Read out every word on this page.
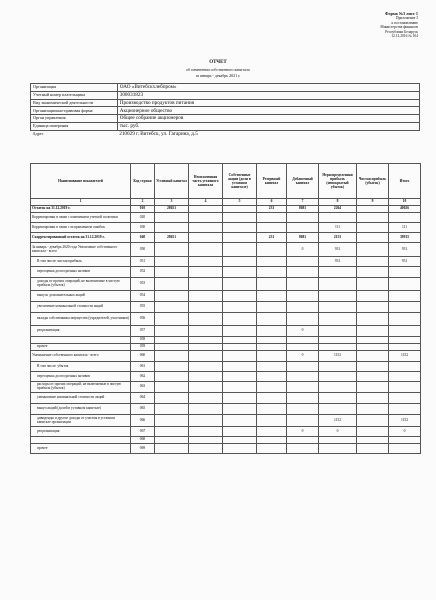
Форма №3 лист 1
Приложение 3
к постановлению
Министерства финансов
Республики Беларусь
12.12.2016 № 104
ОТЧЕТ
об изменении собственного капитала
за январь - декабрь 2021 г.
Организация	ОАО «Витебскхлебпром»
Учетный номер плательщика	300031823
Вид экономической деятельности	Производство продуктов питания
Организационно-правовая форма	Акционерное общество
Орган управления	Общее собрание акционеров
Единица измерения	тыс. руб.
Адрес	210029 г. Витебск, ул. Гагарина, д.5
Наименование показателей	Код строки	Уставный капитал	Неоплаченная часть уставного капитала	Собственные акции (доли в уставном капитале)	Резервный капитал	Добавочный капитал	Нераспределенная прибыль (непокрытый убыток)	Чистая прибыль (убыток)	Итого
1	2	3	4	5	6	7	8	9	10
Остаток на 31.12.2019 г.	010	28651			231	8681	2264		40026
Корректировки в связи с изменением учетной политики	020								
Корректировки в связи с исправлением ошибок	030						111		111
Скорректированный остаток на 31.12.2019 г.	040	28651			231	8681	2153		39915
За январь - декабрь 2020 года Увеличение собственного капитала - всего	050					0	931		931
В том числе: чистая прибыль	051						931		931
переоценка долгосрочных активов	052								
доходы от прочих операций, не включаемые в чистую прибыль (убыток)	053								
выпуск дополнительных акций	054								
увеличение номинальной стоимости акций	055								
вклады собственника имущества (учредителей, участников)	056								
реорганизация	057					0			
	058								
прочее	059								
Уменьшение собственного капитала - всего	060					0	1152		1152
В том числе: убыток	061								
переоценка долгосрочных активов	062								
расходы от прочих операций, не включаемые в чистую прибыль (убыток)	063								
уменьшение номинальной стоимости акций	064								
выкуп акций (долей в уставном капитале)	065								
дивиденды и другие доходы от участия в уставном капитале организации	066						1152		1152
реорганизация	067					0	0		0
	068								
прочее	069								
